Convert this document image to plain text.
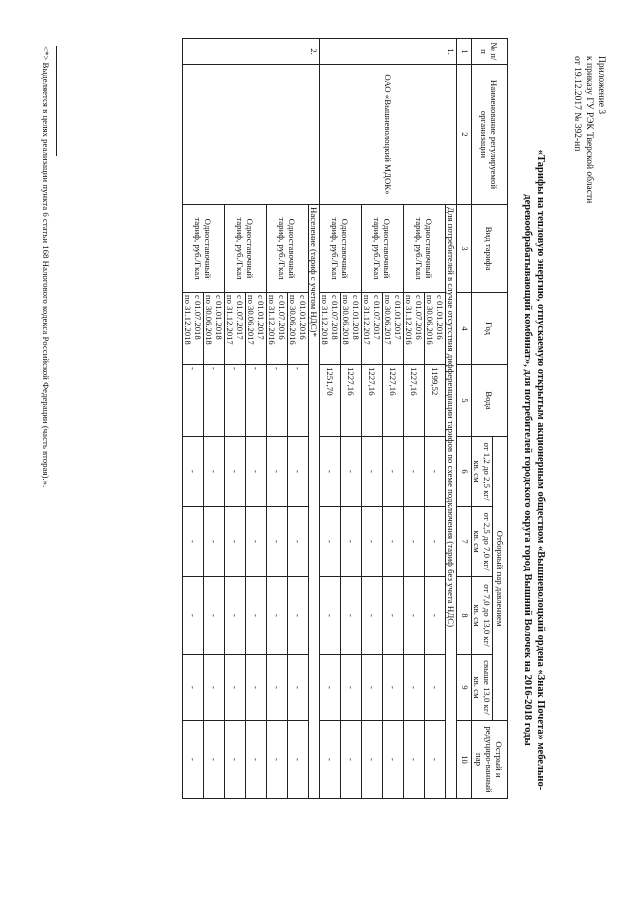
Приложение 3
к приказу ГУ РЭК Тверской области
от 19.12.2017 № 392-нп
«Тарифы на тепловую энергию, отпускаемую открытым акционерным обществом «Вышневолоцкий ордена «Знак Почета» мебельно-
деревообрабатывающий комбинат», для потребителей городского округа город Вышний Волочек на 2016-2018 годы
№ п/ п	Наименование регулируемой организации	Вид тарифа	Год	Вода	Отборный пар давлением				Острый и редуциро-ванный пар
					от 1,2 до 2,5 кг/кв. см	от 2,5 до 7,0 кг/кв. см	от 7,0 до 13,0 кг/кв. см	свыше 13,0 кг/кв. см	
1	2	3	4	5	6	7	8	9	10
1.	ОАО «Вышневолоцкий МДОК»	Для потребителей в случае отсутствия дифференциации тарифов по схеме подключения (тариф без учета НДС)							
		Одноставочный тариф, руб./Гкал	с 01.01.2016
по 30.06.2016	1199,52	-	-	-	-	-

			с 01.07.2016
по 31.12.2016	1227,16	-	-	-	-	-
		Одноставочный тариф, руб./Гкал	с 01.01.2017
по 30.06.2017	1227,16	-	-	-	-	-

			с 01.07.2017
по 31.12.2017	1227,16	-	-	-	-	-
		Одноставочный тариф, руб./Гкал	с 01.01.2018
по 30.06.2018	1227,16	-	-	-	-	-

			с 01.07.2018
по 31.12.2018	1251,70	-	-	-	-	-
2.		Население (тариф с учетом НДС)*							
		Одноставочный тариф, руб./Гкал	с 01.01.2016
по 30.06.2016	-	-	-	-	-	-

			с 01.07.2016
по 31.12.2016	-	-	-	-	-	-
		Одноставочный тариф, руб./Гкал	с 01.01.2017
по 30.06.2017	-	-	-	-	-	-

			с 01.07.2017
по 31.12.2017	-	-	-	-	-	-
		Одноставочный тариф, руб./Гкал	с 01.01.2018
по 30.06.2018	-	-	-	-	-	-

			с 01.07.2018
по 31.12.2018	-	-	-	-	-	-
<*> Выделяется в целях реализации пункта 6 статьи 168 Налогового кодекса Российской Федерации (часть вторая).».
